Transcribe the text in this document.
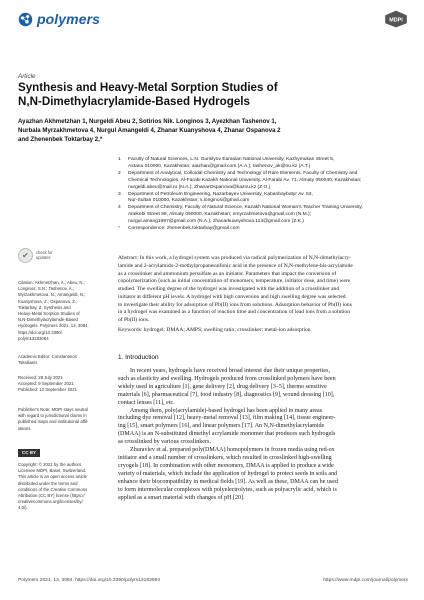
polymers	MDPI
Article
Synthesis and Heavy-Metal Sorption Studies of
N,N-Dimethylacrylamide-Based Hydrogels
Ayazhan Akhmetzhan 1, Nurgeldi Abeu 2, Sotirios Nik. Longinos 3, Ayezkhan Tashenov 1,
Nurbala Myrzakhmetova 4, Nurgul Amangeldi 4, Zhanar Kuanyshova 4, Zhanar Ospanova 2
and Zhenenbek Toktarbay 2,*
✔	check for
updates
Citation: Akhmetzhan, A.; Abeu, N.;
Longinos, S.N.; Tashenov, A.;
Myrzakhmetova, N.; Amangeldi, N.;
Kuanyshova, Z.; Ospanova, Z.;
Toktarbay, Z. Synthesis and
Heavy-Metal Sorption Studies of
N,N-Dimethylacrylamide-Based
Hydrogels. Polymers 2021, 13, 3084.
https://doi.org/10.3390/
polym13183084
Academic Editor: Constantinos
Tsitsilianis
Received: 28 July 2021
Accepted: 9 September 2021
Published: 13 September 2021
Publisher's Note: MDPI stays neutral
with regard to jurisdictional claims in
published maps and institutional affil-
iations.
CC BY
Copyright: © 2021 by the authors.
Licensee MDPI, Basel, Switzerland.
This article is an open access article
distributed under the terms and
conditions of the Creative Commons
Attribution (CC BY) license (https://
creativecommons.org/licenses/by/
4.0/).
1	Faculty of Natural Sciences, L.N. Gumilyov Eurasian National University, Kazhymukan Street 5,
Astana 010000, Kazakhstan; aiazhan@gmail.com (A.A.); tashenov_ak@nu.kz (A.T.)
2	Department of Analytical, Colloidal Chemistry and Technology of Rare Elements, Faculty of Chemistry and
Chemical Technologies, Al-Farabi Kazakh National University, Al-Farabi Av. 71, Almaty 050040, Kazakhstan;
nurgeldi.abeu@mail.ru (N.A.); ZhanarOspanova@kaznu.kz (Z.O.)
3	Department of Petroleum Engineering, Nazarbayev University, Kabanbaybatyr Av. 53,
Nur-Sultan 010000, Kazakhstan; s.longinos@gmail.com
4	Department of Chemistry, Faculty of Natural Science, Kazakh National Woman's Teacher Training University,
Aitekebi Street 99, Almaty 050000, Kazakhstan; nmyrzahmetova@gmail.com (N.M.);
nurgul.amang1987@gmail.com (N.A.); zhanarkuanyshova.113@gmail.com (Z.K.)
*	Correspondence: zhenenbek.toktarbay@gmail.com
Abstract: In this work, a hydrogel system was produced via radical polymerization of N,N-dimethylacry-
lamide and 2-acrylamido-2-methylpropanesulfonic acid in the presence of N,N-methylene-bis-acrylamide
as a crosslinker and ammonium persulfate as an initiator. Parameters that impact the conversion of
copolymerization (such as initial concentration of monomers, temperature, initiator dose, and time) were
studied. The swelling degree of the hydrogel was investigated with the addition of a crosslinker and
initiator at different pH levels. A hydrogel with high conversion and high swelling degree was selected
to investigate their ability for adsorption of Pb(II) ions from solutions. Adsorption behavior of Pb(II) ions
in a hydrogel was examined as a function of reaction time and concentration of lead ions from a solution
of Pb(II) ions.
Keywords: hydrogel; DMAA; AMPS; swelling ratio; crosslinker; metal-ion adsorption
1. Introduction
In recent years, hydrogels have received broad interest due their unique properties,
such as elasticity and swelling. Hydrogels produced from crosslinked polymers have been
widely used in agriculture [1], gene delivery [2], drug delivery [3–5], thermo sensitive
materials [6], pharmaceutical [7], food industry [8], diagnostics [9], wound dressing [10],
contact lenses [11], etc.
Among them, poly(acrylamide)-based hydrogel has been applied in many areas
including dye removal [12], heavy-metal removal [13], film making [14], tissue engineer-
ing [15], smart polymers [16], and linear polymers [17]. An N,N-dimethylacrylamide
(DMAA) is an N-substituted dimethyl acrylamide monomer that produces such hydrogels
as crosslinked by various crosslinkers.
Zhuravlev et al. prepared poly(DMAA) homopolymers in frozen media using red-ox
initiator and a small number of crosslinkers, which resulted in crosslinked high-swelling
cryogels [18]. In combination with other monomers, DMAA is applied to produce a wide
variety of materials, which include the application of hydrogel to protect seeds in soils and
enhance their biocompatibility in medical fields [19]. As well as these, DMAA can be used
to form intermolecular complexes with polyelectrolytes, such as polyacrylic acid, which is
applied as a smart material with changes of pH [20].
Polymers 2021, 13, 3084. https://doi.org/10.3390/polym13183084	https://www.mdpi.com/journal/polymers
